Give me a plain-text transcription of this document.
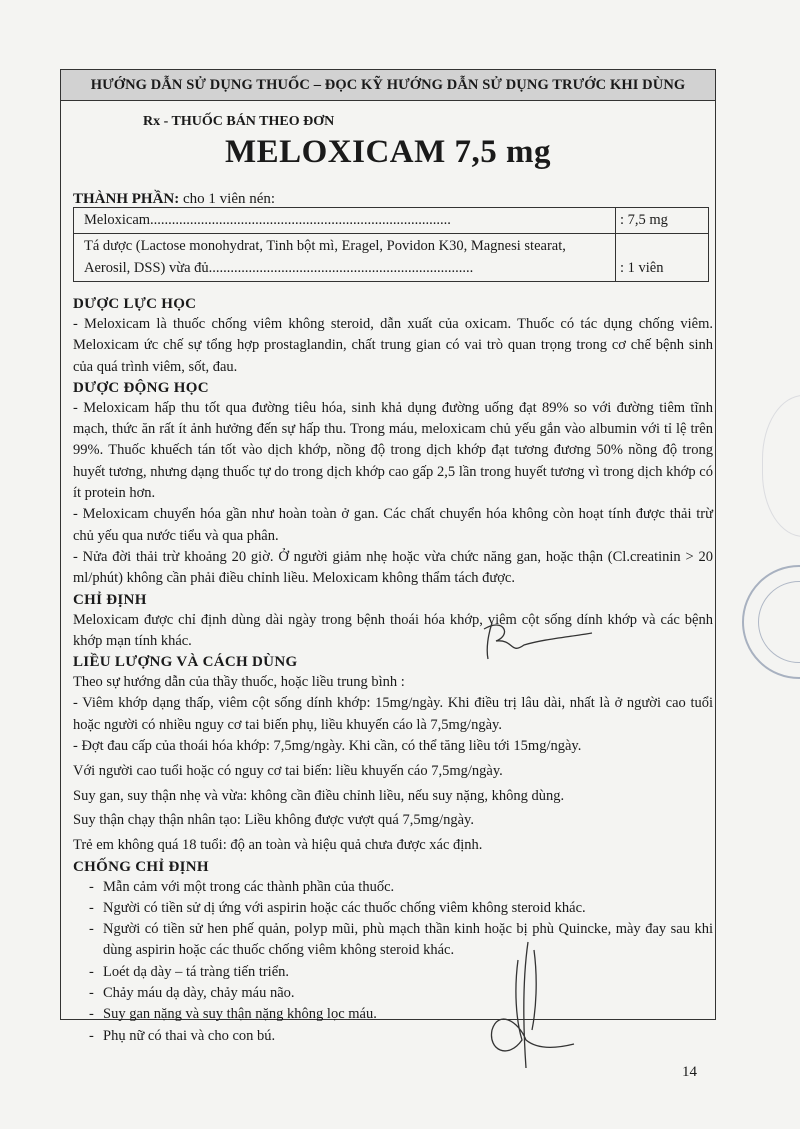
HƯỚNG DẪN SỬ DỤNG THUỐC – ĐỌC KỸ HƯỚNG DẪN SỬ DỤNG TRƯỚC KHI DÙNG
Rx - THUỐC BÁN THEO ĐƠN
MELOXICAM 7,5 mg
THÀNH PHẦN: cho 1 viên nén:
Meloxicam...................................................................................	: 7,5 mg
Tá dược (Lactose monohydrat, Tinh bột mì, Eragel, Povidon K30, Magnesi stearat, Aerosil, DSS) vừa đủ.........................................................................	: 1 viên
DƯỢC LỰC HỌC

- Meloxicam là thuốc chống viêm không steroid, dẫn xuất của oxicam. Thuốc có tác dụng chống viêm. Meloxicam ức chế sự tổng hợp prostaglandin, chất trung gian có vai trò quan trọng trong cơ chế bệnh sinh của quá trình viêm, sốt, đau.

DƯỢC ĐỘNG HỌC

- Meloxicam hấp thu tốt qua đường tiêu hóa, sinh khả dụng đường uống đạt 89% so với đường tiêm tĩnh mạch, thức ăn rất ít ảnh hưởng đến sự hấp thu. Trong máu, meloxicam chủ yếu gắn vào albumin với tỉ lệ trên 99%. Thuốc khuếch tán tốt vào dịch khớp, nồng độ trong dịch khớp đạt tương đương 50% nồng độ trong huyết tương, nhưng dạng thuốc tự do trong dịch khớp cao gấp 2,5 lần trong huyết tương vì trong dịch khớp có ít protein hơn.

- Meloxicam chuyển hóa gần như hoàn toàn ở gan. Các chất chuyển hóa không còn hoạt tính được thải trừ chủ yếu qua nước tiểu và qua phân.

- Nửa đời thải trừ khoảng 20 giờ. Ở người giảm nhẹ hoặc vừa chức năng gan, hoặc thận (Cl.creatinin > 20 ml/phút) không cần phải điều chỉnh liều. Meloxicam không thẩm tách được.

CHỈ ĐỊNH

Meloxicam được chỉ định dùng dài ngày trong bệnh thoái hóa khớp, viêm cột sống dính khớp và các bệnh khớp mạn tính khác.

LIỀU LƯỢNG VÀ CÁCH DÙNG

Theo sự hướng dẫn của thầy thuốc, hoặc liều trung bình :

- Viêm khớp dạng thấp, viêm cột sống dính khớp: 15mg/ngày. Khi điều trị lâu dài, nhất là ở người cao tuổi hoặc người có nhiều nguy cơ tai biến phụ, liều khuyến cáo là 7,5mg/ngày.

- Đợt đau cấp của thoái hóa khớp: 7,5mg/ngày. Khi cần, có thể tăng liều tới 15mg/ngày.

Với người cao tuổi hoặc có nguy cơ tai biến: liều khuyến cáo 7,5mg/ngày.

Suy gan, suy thận nhẹ và vừa: không cần điều chỉnh liều, nếu suy nặng, không dùng.

Suy thận chạy thận nhân tạo: Liều không được vượt quá 7,5mg/ngày.

Trẻ em không quá 18 tuổi: độ an toàn và hiệu quả chưa được xác định.

CHỐNG CHỈ ĐỊNH
- Mẫn cảm với một trong các thành phần của thuốc.
- Người có tiền sử dị ứng với aspirin hoặc các thuốc chống viêm không steroid khác.
- Người có tiền sử hen phế quản, polyp mũi, phù mạch thần kinh hoặc bị phù Quincke, mày đay sau khi dùng aspirin hoặc các thuốc chống viêm không steroid khác.
- Loét dạ dày – tá tràng tiến triển.
- Chảy máu dạ dày, chảy máu não.
- Suy gan nặng và suy thận nặng không lọc máu.
- Phụ nữ có thai và cho con bú.
14
